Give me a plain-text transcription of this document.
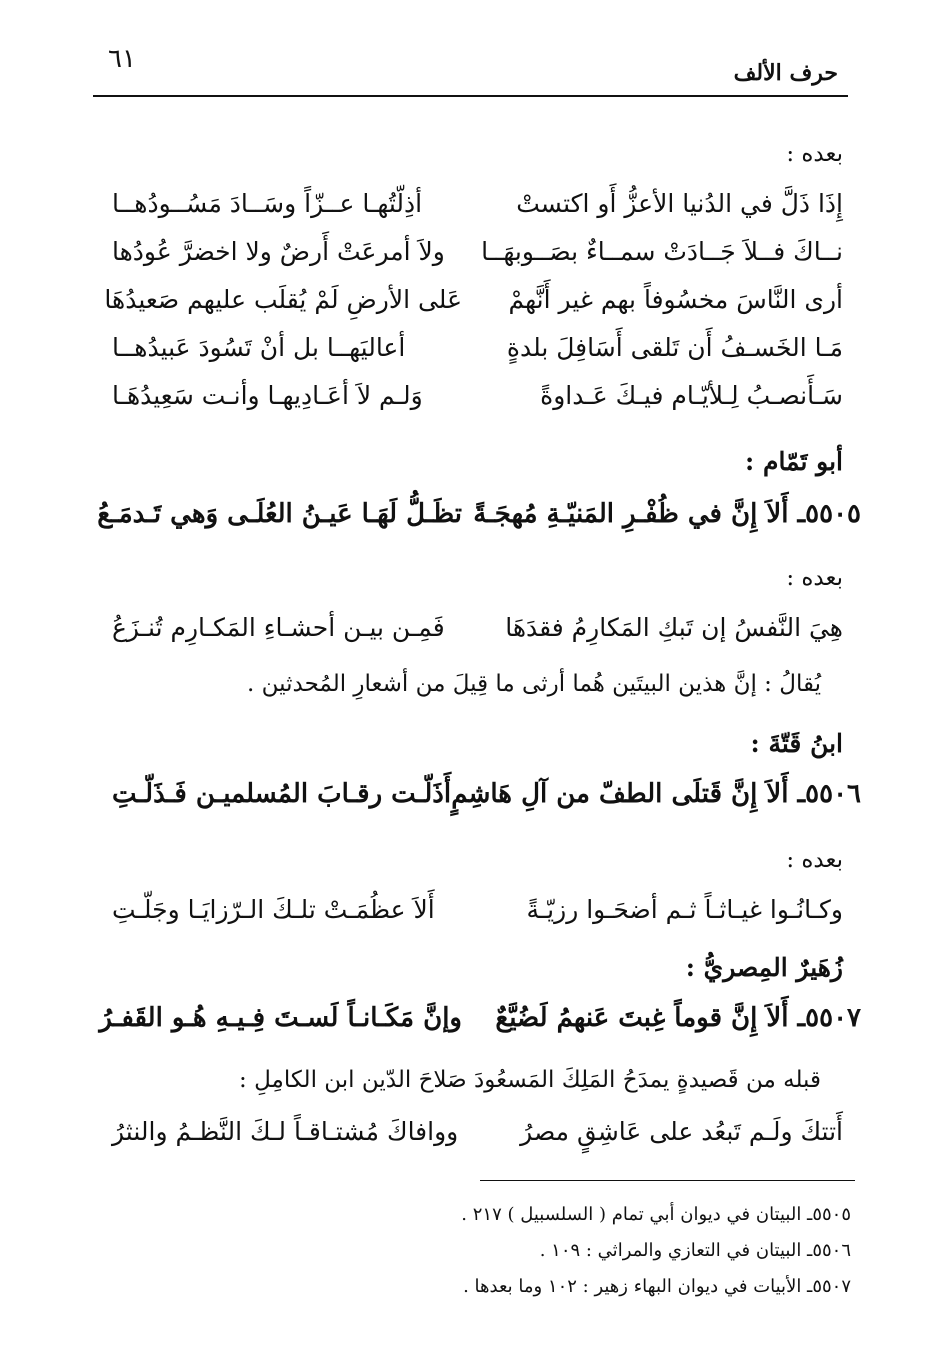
٦١	حرف الألف
بعده :
إِذَا ذَلَّ في الدُنيا الأعزُّ أَو اكتستْ
أذِلّتُهـا عــزّاً وسَــادَ مَسُــودُهــا
نــاكَ فــلاَ جَــادَتْ سمــاءٌ بصَــوبهَــا
ولاَ أمرعَتْ أَرضٌ ولا اخضرَّ عُودُها
أرى النَّاسَ مخسُوفاً بهم غير أَنَّهمْ
عَلى الأرضِ لَمْ يُقلَب عليهم صَعيدُهَا
مَـا الخَسـفُ أَن تَلقى أَسَافِلَ بلدةٍ
أعاليَهــا بل أنْ تَسُودَ عَبيدُهــا
سَـأَنصـبُ لِـلأيّـام فيـكَ عَـداوةً
وَلـم لاَ أعَـادِيهـا وأنـت سَعِيدُهَـا
أبو تَمّام :
٥٥٠٥ـ أَلاَ إِنَّ في ظُفْـرِ المَنيّـةِ مُهجَـةً
تظَـلُّ لَهَـا عَيـنُ العُلَـى وَهي تَـدمَـعُ
بعده :
هِيَ النَّفسُ إن تَبكِ المَكارِمُ فقدَهَا
فَمِـن بيـن أحشـاءِ المَكـارِم تُنـزَعُ
يُقالُ : إنَّ هذين البيتَين هُما أرثى ما قِيلَ من أشعارِ المُحدثين .
ابنُ قَتّةَ :
٥٥٠٦ـ أَلاَ إِنَّ قَتلَى الطفّ من آلِ هَاشِمٍ
أَذَلّـت رقـابَ المُسلميـن فَـذَلّـتِ
بعده :
وكـانُـوا غيـاثـاً ثـم أضحَـوا رزيّـةً
أَلاَ عظُمَـتْ تلـكَ الـرّزايَـا وجَلّـتِ
زُهَيرٌ المِصريُّ :
٥٥٠٧ـ أَلاَ إِنَّ قوماً غِبتَ عَنهمُ لَضُيَّعٌ
وإنَّ مَكَـانـاً لَسـتَ فِـيـهِ هُـو القَفـرُ
قبله من قَصيدةٍ يمدَحُ المَلِكَ المَسعُودَ صَلاحَ الدّين ابن الكامِلِ :
أَتتكَ ولَـم تَبعُد على عَاشِقٍ مصرُ
ووافاكَ مُشتـاقـاً لـكَ النَّظـمُ والنثرُ
٥٥٠٥ـ البيتان في ديوان أبي تمام ( السلسبيل ) ٢١٧ .
٥٥٠٦ـ البيتان في التعازي والمراثي : ١٠٩ .
٥٥٠٧ـ الأبيات في ديوان البهاء زهير : ١٠٢ وما بعدها .
